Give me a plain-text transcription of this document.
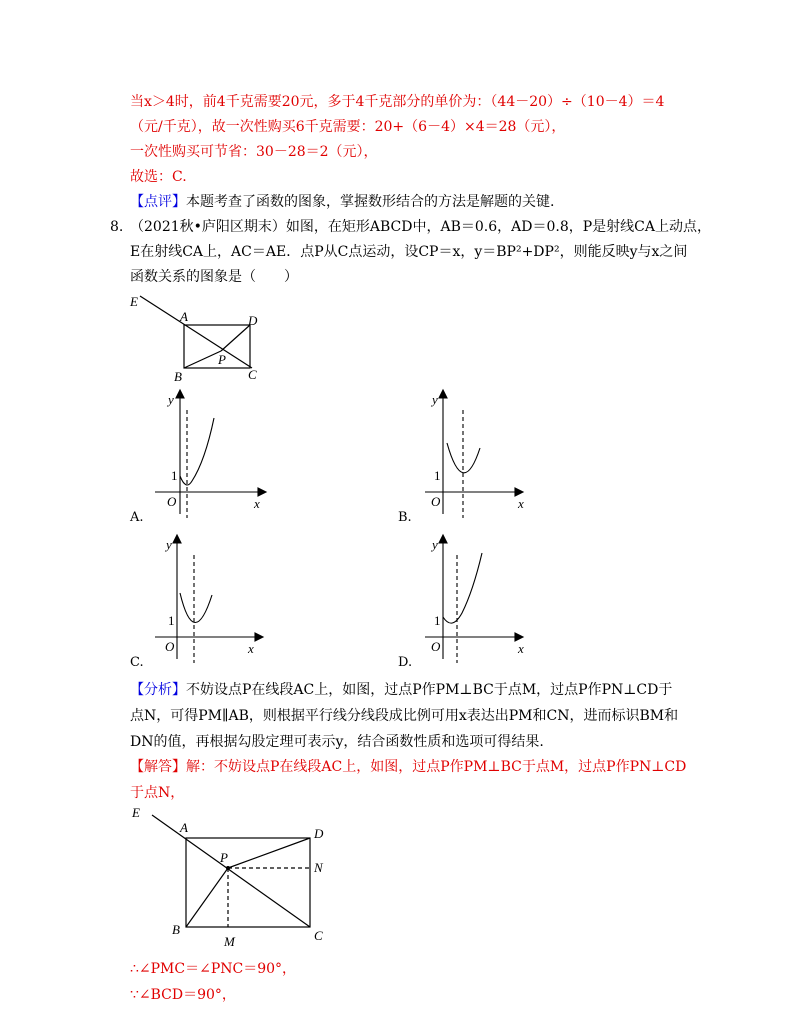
当x＞4时，前4千克需要20元，多于4千克部分的单价为：（44－20）÷（10－4）＝4
（元/千克），故一次性购买6千克需要：20+（6－4）×4＝28（元），
一次性购买可节省：30－28＝2（元），
故选：C.
【点评】本题考查了函数的图象，掌握数形结合的方法是解题的关键.
8. （2021秋•庐阳区期末）如图，在矩形ABCD中，AB＝0.6，AD＝0.8，P是射线CA上动点，
E在射线CA上，AC＝AE．点P从C点运动，设CP＝x，y＝BP²+DP²，则能反映y与x之间
函数关系的图象是（　　）
E
A	D
B	C
P
y
x
O
1
A.
y
x
O
1
B.
y
x
O
1
C.
y
x
O
1
D.
【分析】不妨设点P在线段AC上，如图，过点P作PM⊥BC于点M，过点P作PN⊥CD于
点N，可得PM∥AB，则根据平行线分线段成比例可用x表达出PM和CN，进而标识BM和
DN的值，再根据勾股定理可表示y，结合函数性质和选项可得结果.
【解答】解：不妨设点P在线段AC上，如图，过点P作PM⊥BC于点M，过点P作PN⊥CD
于点N，
E
A	D
B	C
P
M
N
∴∠PMC＝∠PNC＝90°，
∵∠BCD＝90°，
